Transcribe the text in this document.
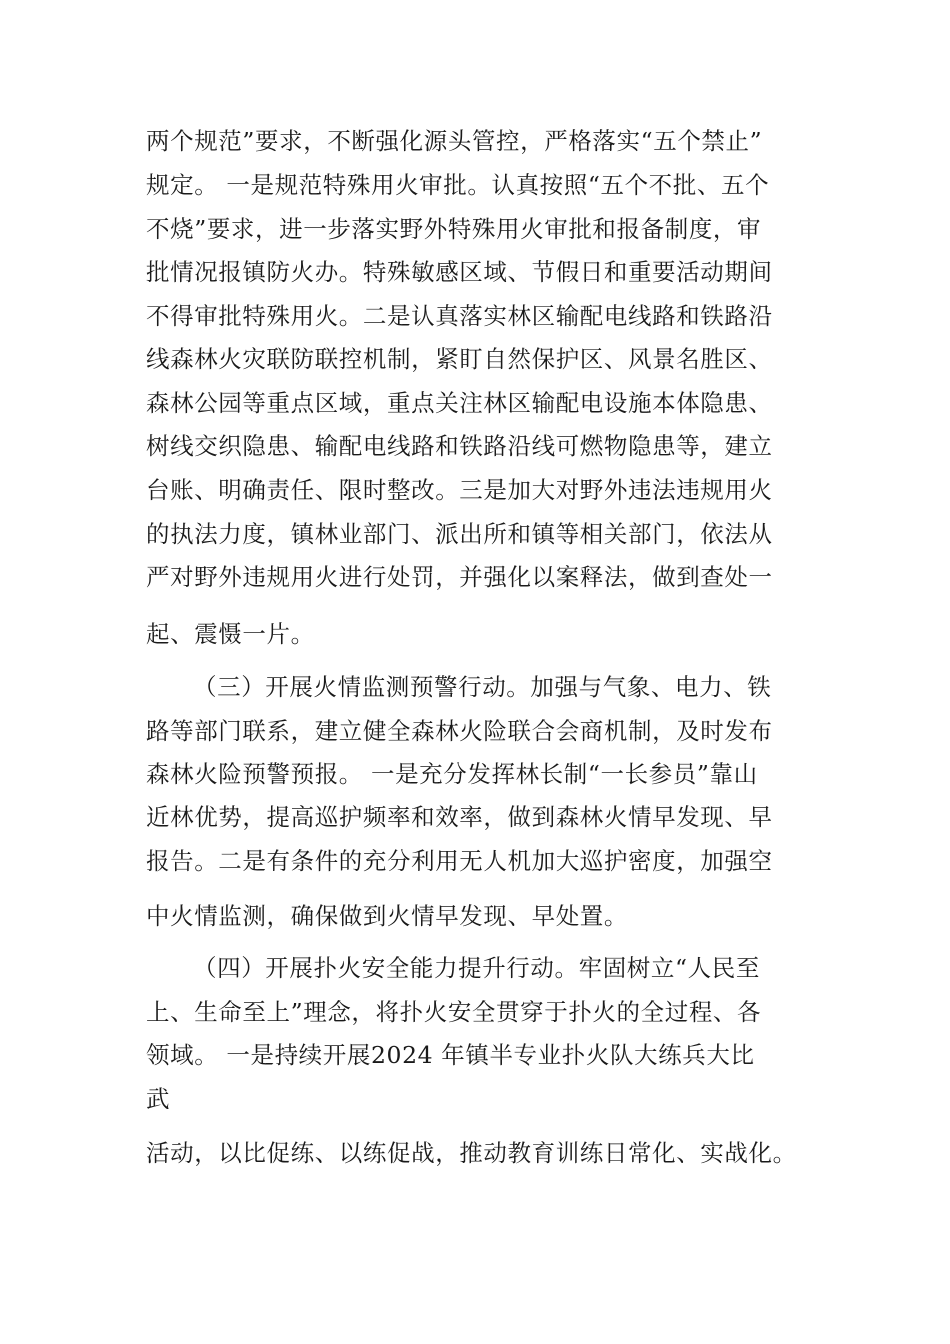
两个规范”要求，不断强化源头管控，严格落实“五个禁止”
规定。 一是规范特殊用火审批。认真按照“五个不批、五个
不烧”要求，进一步落实野外特殊用火审批和报备制度，审
批情况报镇防火办。特殊敏感区域、节假日和重要活动期间
不得审批特殊用火。二是认真落实林区输配电线路和铁路沿
线森林火灾联防联控机制，紧盯自然保护区、风景名胜区、
森林公园等重点区域，重点关注林区输配电设施本体隐患、
树线交织隐患、输配电线路和铁路沿线可燃物隐患等，建立
台账、明确责任、限时整改。三是加大对野外违法违规用火
的执法力度，镇林业部门、派出所和镇等相关部门，依法从
严对野外违规用火进行处罚，并强化以案释法，做到查处一
起、震慑一片。
（三）开展火情监测预警行动。加强与气象、电力、铁
路等部门联系，建立健全森林火险联合会商机制，及时发布
森林火险预警预报。 一是充分发挥林长制“一长参员”靠山
近林优势，提高巡护频率和效率，做到森林火情早发现、早
报告。二是有条件的充分利用无人机加大巡护密度，加强空
中火情监测，确保做到火情早发现、早处置。
（四）开展扑火安全能力提升行动。牢固树立“人民至
上、生命至上”理念，将扑火安全贯穿于扑火的全过程、各
领域。 一是持续开展2024 年镇半专业扑火队大练兵大比
武
活动，以比促练、以练促战，推动教育训练日常化、实战化。
